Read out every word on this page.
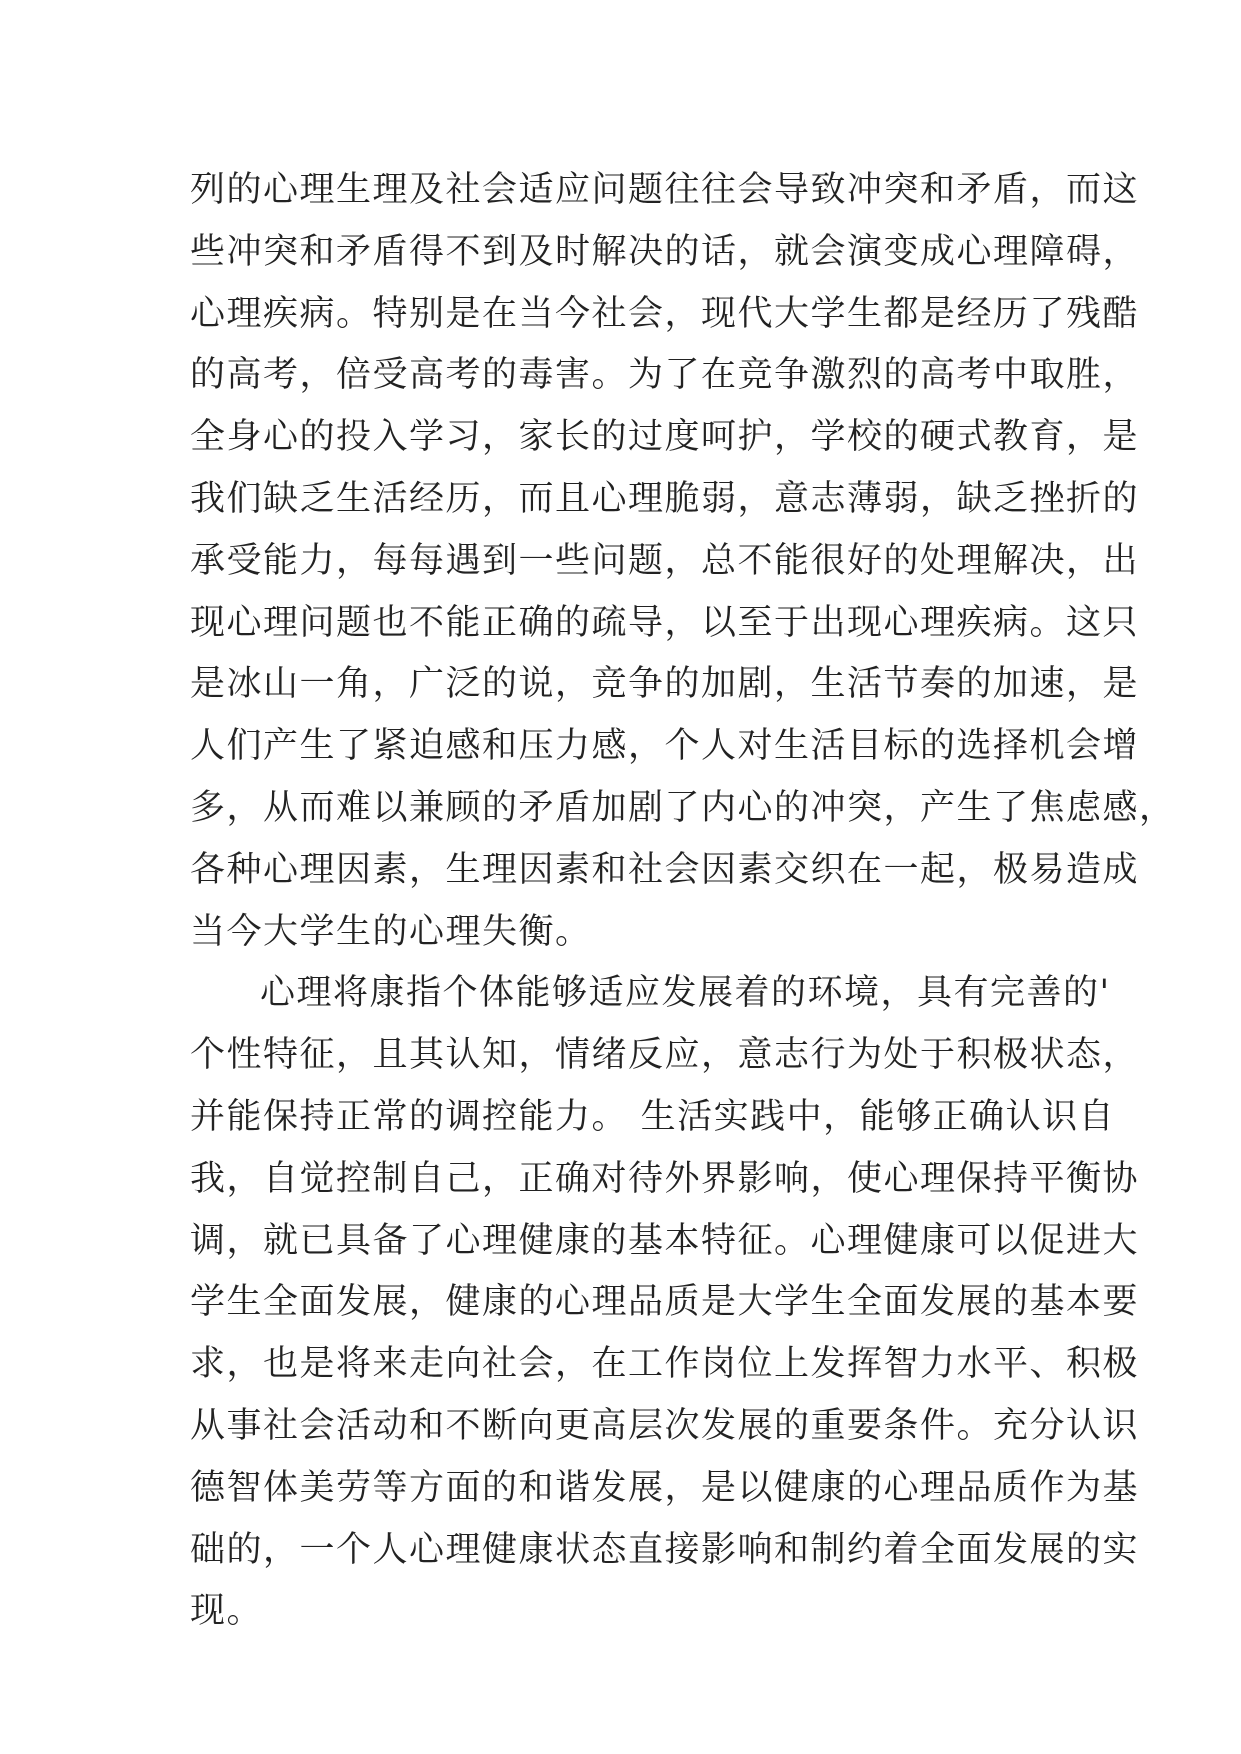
列的心理生理及社会适应问题往往会导致冲突和矛盾，而这
些冲突和矛盾得不到及时解决的话，就会演变成心理障碍，
心理疾病。特别是在当今社会，现代大学生都是经历了残酷
的高考，倍受高考的毒害。为了在竞争激烈的高考中取胜，
全身心的投入学习，家长的过度呵护，学校的硬式教育，是
我们缺乏生活经历，而且心理脆弱，意志薄弱，缺乏挫折的
承受能力，每每遇到一些问题，总不能很好的处理解决，出
现心理问题也不能正确的疏导，以至于出现心理疾病。这只
是冰山一角，广泛的说，竞争的加剧，生活节奏的加速，是
人们产生了紧迫感和压力感，个人对生活目标的选择机会增
多，从而难以兼顾的矛盾加剧了内心的冲突，产生了焦虑感，
各种心理因素，生理因素和社会因素交织在一起，极易造成
当今大学生的心理失衡。
心理将康指个体能够适应发展着的环境，具有完善的'
个性特征，且其认知，情绪反应，意志行为处于积极状态，
并能保持正常的调控能力。 生活实践中，能够正确认识自
我，自觉控制自己，正确对待外界影响，使心理保持平衡协
调，就已具备了心理健康的基本特征。心理健康可以促进大
学生全面发展，健康的心理品质是大学生全面发展的基本要
求，也是将来走向社会，在工作岗位上发挥智力水平、积极
从事社会活动和不断向更高层次发展的重要条件。充分认识
德智体美劳等方面的和谐发展，是以健康的心理品质作为基
础的，一个人心理健康状态直接影响和制约着全面发展的实
现。
